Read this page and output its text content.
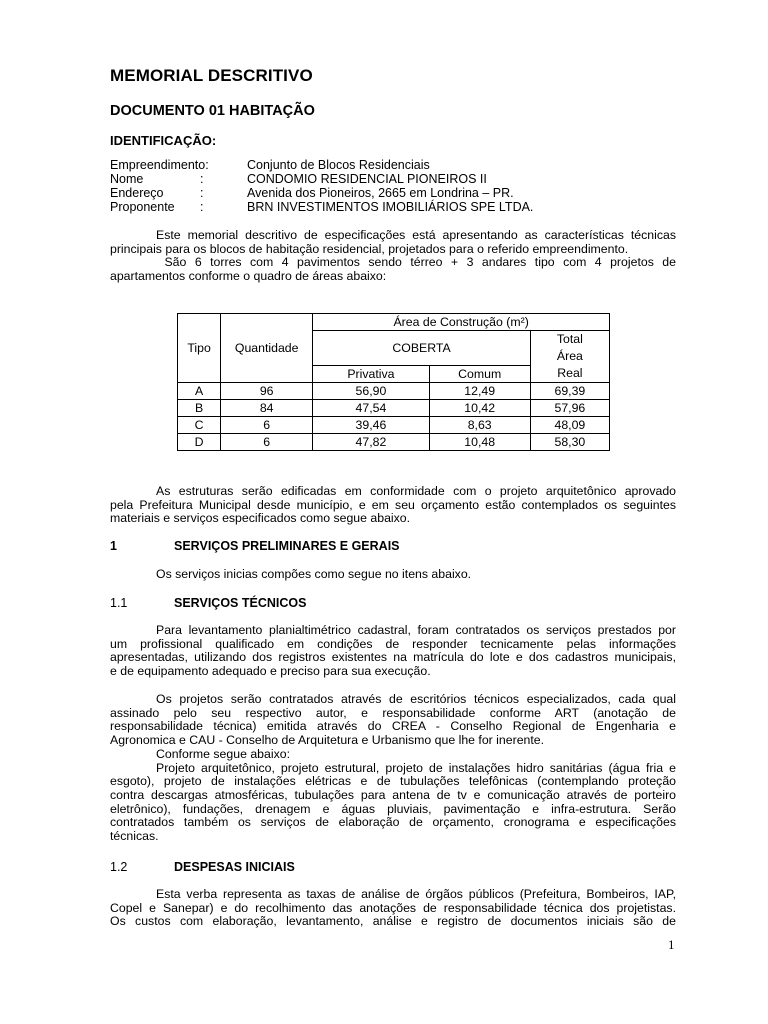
MEMORIAL DESCRITIVO
DOCUMENTO 01 HABITAÇÃO
IDENTIFICAÇÃO:
Empreendimento:	Conjunto de Blocos Residenciais
Nome	:	CONDOMIO RESIDENCIAL PIONEIROS II
Endereço	:	Avenida dos Pioneiros, 2665 em Londrina – PR.
Proponente :	BRN INVESTIMENTOS IMOBILIÁRIOS SPE LTDA.
Este memorial descritivo de especificações está apresentando as características técnicas
principais para os blocos de habitação residencial, projetados para o referido empreendimento.
São 6 torres com 4 pavimentos sendo térreo + 3 andares tipo com 4 projetos de
apartamentos conforme o quadro de áreas abaixo:
Tipo	Quantidade	Área de Construção (m²)		
		COBERTA		Total
Área
Real
		Privativa	Comum	
A	96	56,90	12,49	69,39
B	84	47,54	10,42	57,96
C	6	39,46	8,63	48,09
D	6	47,82	10,48	58,30
As estruturas serão edificadas em conformidade com o projeto arquitetônico aprovado
pela Prefeitura Municipal desde município, e em seu orçamento estão contemplados os seguintes
materiais e serviços especificados como segue abaixo.
1	SERVIÇOS PRELIMINARES E GERAIS
Os serviços inicias compões como segue no itens abaixo.
1.1	SERVIÇOS TÉCNICOS
Para levantamento planialtimétrico cadastral, foram contratados os serviços prestados por
um profissional qualificado em condições de responder tecnicamente pelas informações
apresentadas, utilizando dos registros existentes na matrícula do lote e dos cadastros municipais,
e de equipamento adequado e preciso para sua execução.
Os projetos serão contratados através de escritórios técnicos especializados, cada qual
assinado pelo seu respectivo autor, e responsabilidade conforme ART (anotação de
responsabilidade técnica) emitida através do CREA - Conselho Regional de Engenharia e
Agronomica e CAU - Conselho de Arquitetura e Urbanismo que lhe for inerente.
Conforme segue abaixo:
Projeto arquitetônico, projeto estrutural, projeto de instalações hidro sanitárias (água fria e
esgoto), projeto de instalações elétricas e de tubulações telefônicas (contemplando proteção
contra descargas atmosféricas, tubulações para antena de tv e comunicação através de porteiro
eletrônico), fundações, drenagem e águas pluviais, pavimentação e infra-estrutura. Serão
contratados também os serviços de elaboração de orçamento, cronograma e especificações
técnicas.
1.2	DESPESAS INICIAIS
Esta verba representa as taxas de análise de órgãos públicos (Prefeitura, Bombeiros, IAP,
Copel e Sanepar) e do recolhimento das anotações de responsabilidade técnica dos projetistas.
Os custos com elaboração, levantamento, análise e registro de documentos iniciais são de
1
